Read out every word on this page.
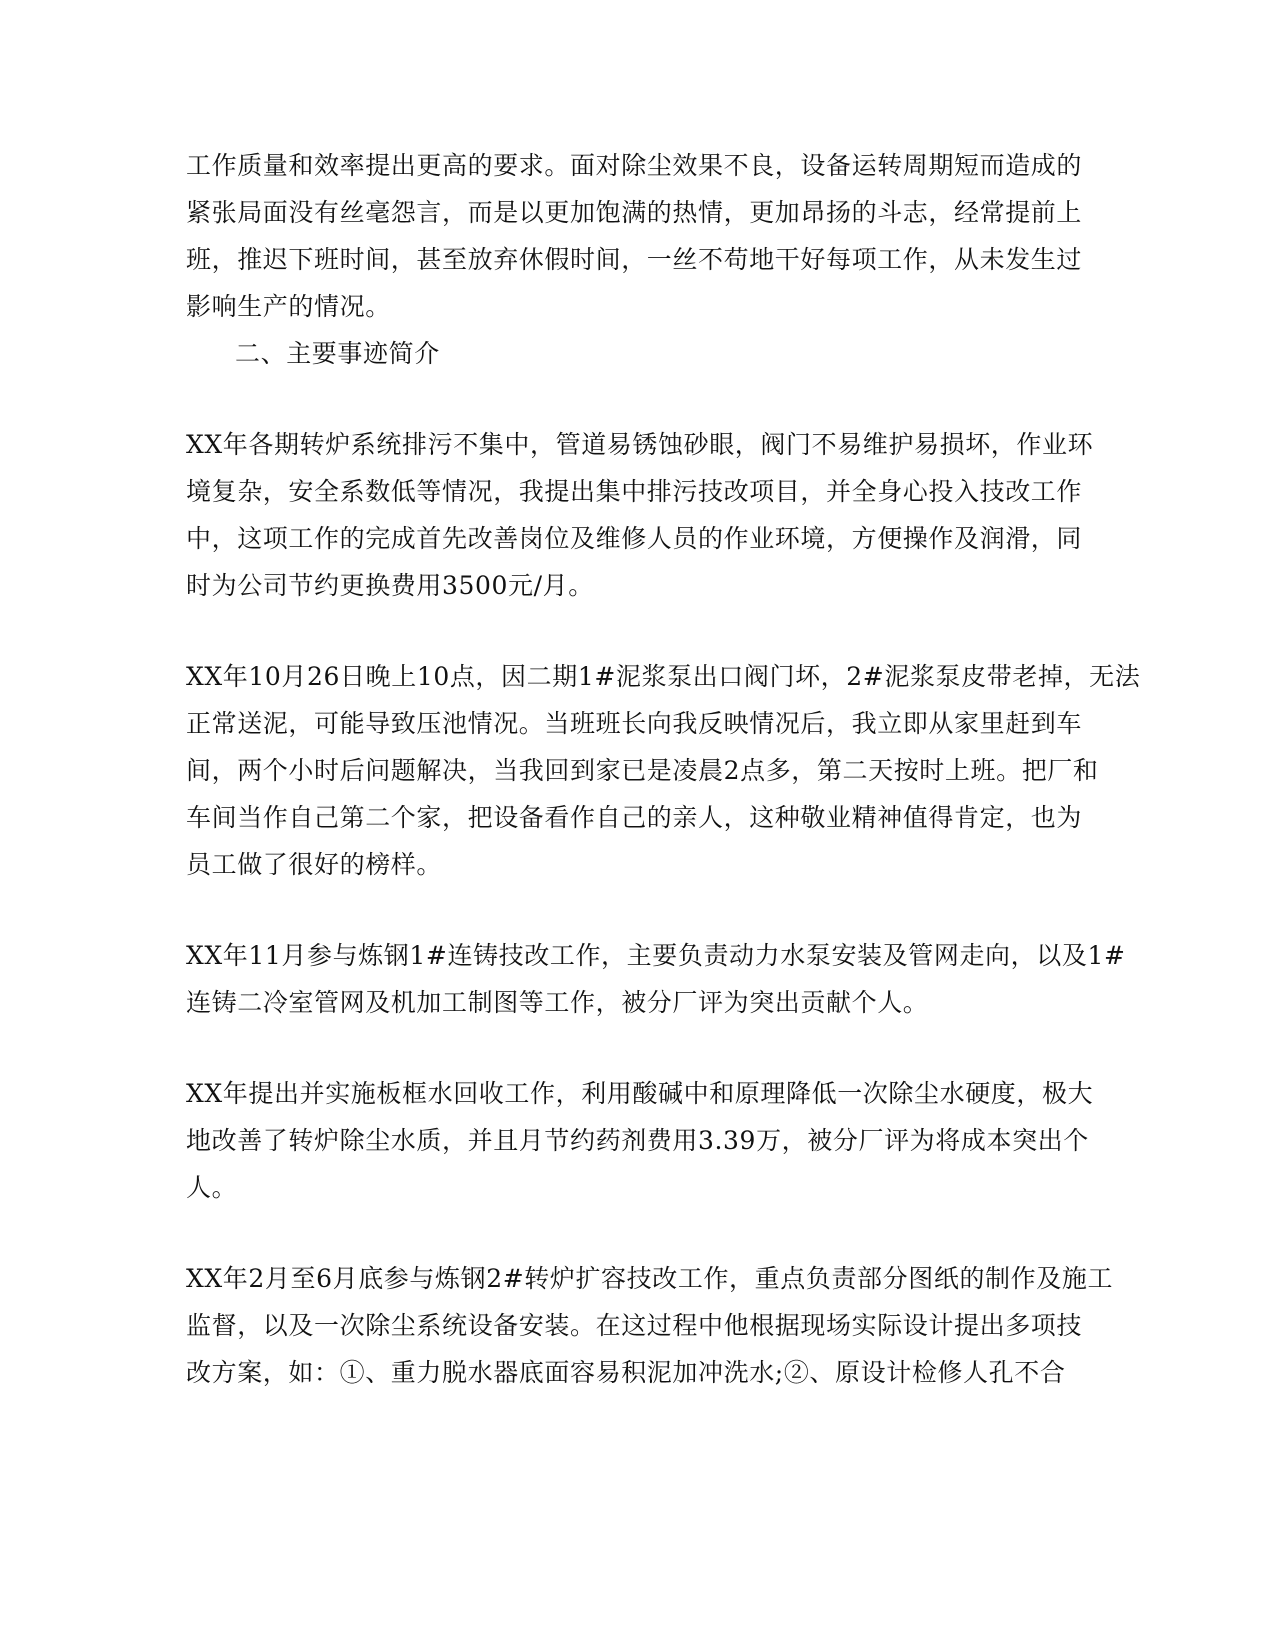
工作质量和效率提出更高的要求。面对除尘效果不良，设备运转周期短而造成的
紧张局面没有丝毫怨言，而是以更加饱满的热情，更加昂扬的斗志，经常提前上
班，推迟下班时间，甚至放弃休假时间，一丝不苟地干好每项工作，从未发生过
影响生产的情况。
二、主要事迹简介
XX年各期转炉系统排污不集中，管道易锈蚀砂眼，阀门不易维护易损坏，作业环
境复杂，安全系数低等情况，我提出集中排污技改项目，并全身心投入技改工作
中，这项工作的完成首先改善岗位及维修人员的作业环境，方便操作及润滑，同
时为公司节约更换费用3500元/月。
XX年10月26日晚上10点，因二期1#泥浆泵出口阀门坏，2#泥浆泵皮带老掉，无法
正常送泥，可能导致压池情况。当班班长向我反映情况后，我立即从家里赶到车
间，两个小时后问题解决，当我回到家已是凌晨2点多，第二天按时上班。把厂和
车间当作自己第二个家，把设备看作自己的亲人，这种敬业精神值得肯定，也为
员工做了很好的榜样。
XX年11月参与炼钢1#连铸技改工作，主要负责动力水泵安装及管网走向，以及1#
连铸二冷室管网及机加工制图等工作，被分厂评为突出贡献个人。
XX年提出并实施板框水回收工作，利用酸碱中和原理降低一次除尘水硬度，极大
地改善了转炉除尘水质，并且月节约药剂费用3.39万，被分厂评为将成本突出个
人。
XX年2月至6月底参与炼钢2#转炉扩容技改工作，重点负责部分图纸的制作及施工
监督，以及一次除尘系统设备安装。在这过程中他根据现场实际设计提出多项技
改方案，如：①、重力脱水器底面容易积泥加冲洗水;②、原设计检修人孔不合
